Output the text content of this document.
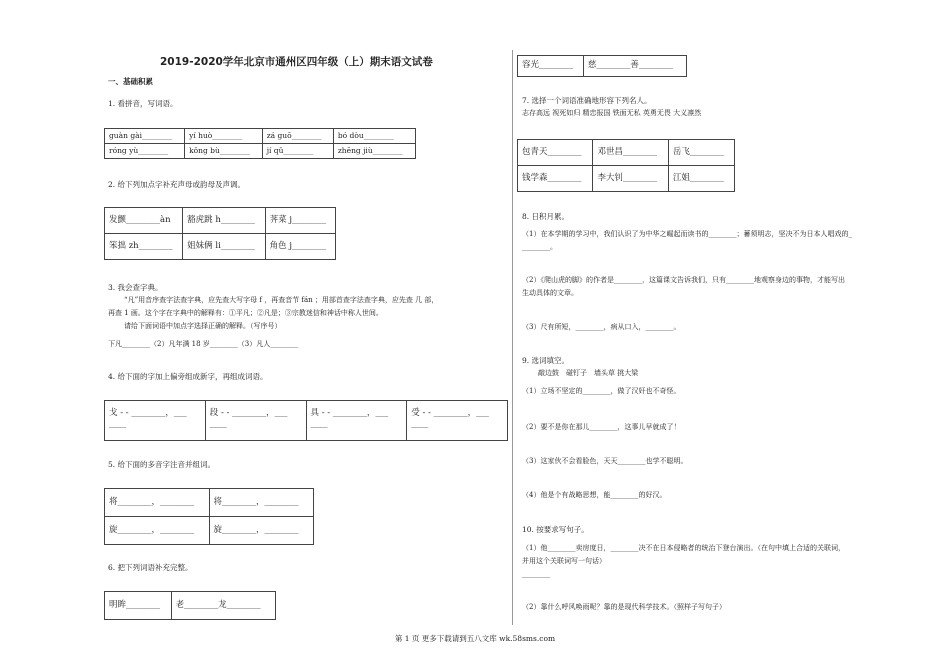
2019-2020学年北京市通州区四年级（上）期末语文试卷
一、基础积累
1. 看拼音，写词语。
guàn gài________	yí huò________	zá guō________	bó dòu________
róng yù________	kǒng bù________	jí qǔ________	zhēng jiù________
2. 给下列加点字补充声母或韵母及声调。
发颤________àn	豁虎跳 h________	荠菜 j________
笨拙 zh________	姐妹俩 li________	角色 j________
3. 我会查字典。
“凡”用音序查字法查字典，应先查大写字母 f ，再查音节 fán ；用部首查字法查字典，应先查 几 部，
再查 1 画。这个字在字典中的解释有：①平凡；②凡是；③宗教迷信和神话中称人世间。
请给下面词语中加点字选择正确的解释。（写序号）
下凡________（2）凡年满 18 岁________（3）凡人________
4. 给下面的字加上偏旁组成新字，再组成词语。
戈 - - ________，___
____	段 - - ________，___
____	具 - - ________，___
____	受 - - ________，___
____
5. 给下面的多音字注音并组词。
将________，________	将________，________
旋________，________	旋________，________
6. 把下列词语补充完整。
明眸________	老________龙________
容光________	慈________善________
7. 选择一个词语准确地形容下列名人。
志存高远 视死如归 精忠报国 铁面无私 英勇无畏 大义凛然
包青天________	邓世昌________	岳飞________
钱学森________	李大钊________	江姐________
8. 日积月累。
（1）在本学期的学习中，我们认识了为中华之崛起而读书的________；蓄须明志，坚决不为日本人唱戏的_
________。
（2）《爬山虎的脚》的作者是________，这篇课文告诉我们，只有________地观察身边的事物，才能写出
生动具体的文章。
（3）尺有所短，________，病从口入，________。
9. 选词填空。
敲边鼓　碰钉子　墙头草 挑大梁
（1）立场不坚定的________，做了汉奸也不奇怪。
（2）要不是你在那儿________，这事儿早就成了！
（3）这家伙不会看脸色，天天________也学不聪明。
（4）他是个有战略思想，能________的好汉。
10. 按要求写句子。
（1）他________卖房度日，________决不在日本侵略者的统治下登台演出。（在句中填上合适的关联词，
并用这个关联词写一句话）
________
（2）靠什么呼风唤雨呢？靠的是现代科学技术。（照样子写句子）
第 1 页 更多下载请到五八文库 wk.58sms.com
